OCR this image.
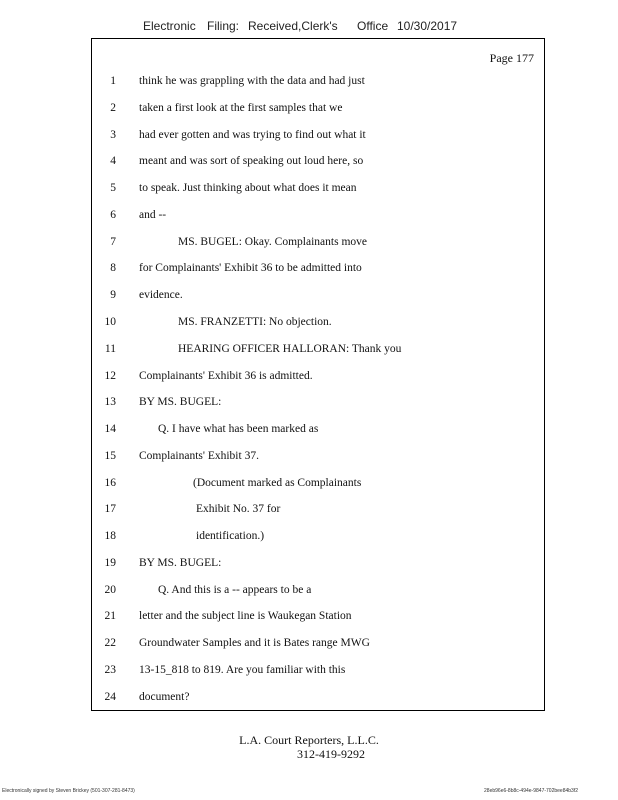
Electronic Filing: Received,Clerk's Office 10/30/2017
Page 177
1 think he was grappling with the data and had just
2 taken a first look at the first samples that we
3 had ever gotten and was trying to find out what it
4 meant and was sort of speaking out loud here, so
5 to speak. Just thinking about what does it mean
6 and --
7	MS. BUGEL: Okay. Complainants move
8 for Complainants' Exhibit 36 to be admitted into
9 evidence.
10	MS. FRANZETTI: No objection.
11	HEARING OFFICER HALLORAN: Thank you
12 Complainants' Exhibit 36 is admitted.
13 BY MS. BUGEL:
14	Q. I have what has been marked as
15 Complainants' Exhibit 37.
16	(Document marked as Complainants
17	Exhibit No. 37 for
18	identification.)
19 BY MS. BUGEL:
20	Q. And this is a -- appears to be a
21 letter and the subject line is Waukegan Station
22 Groundwater Samples and it is Bates range MWG
23 13-15_818 to 819. Are you familiar with this
24 document?
L.A. Court Reporters, L.L.C.
312-419-9292
Electronically signed by Steven Brickey (501-307-281-8473)	28eb96e6-8b8c-494e-9847-702bee84b3f2
